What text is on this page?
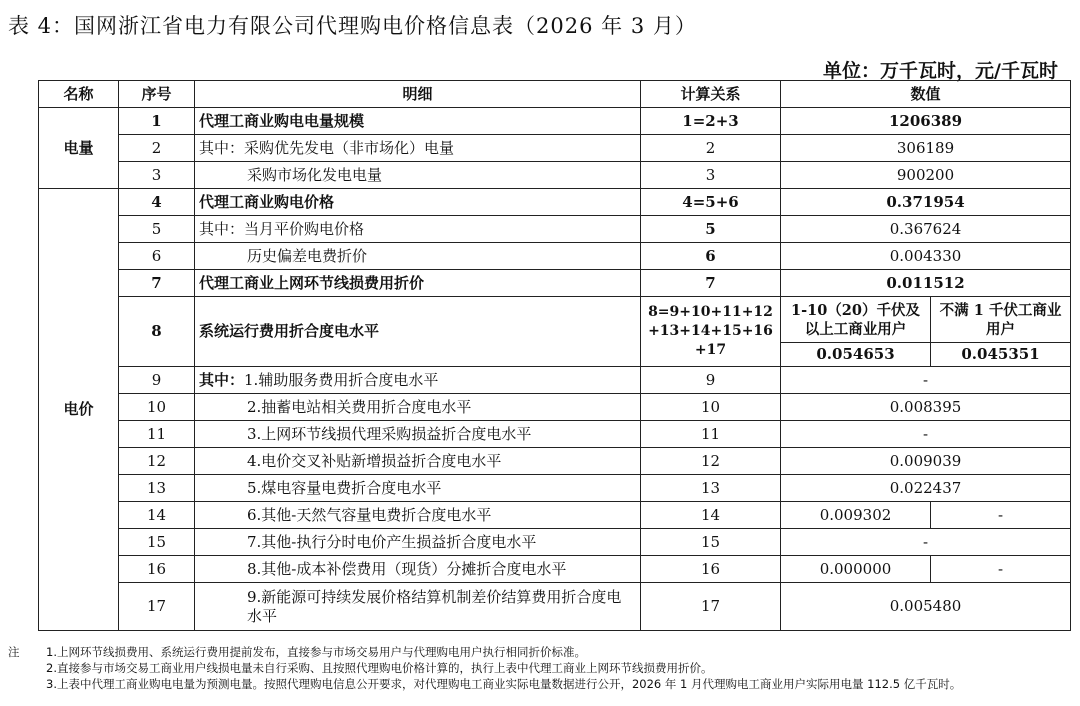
表 4：国网浙江省电力有限公司代理购电价格信息表（2026 年 3 月）
单位：万千瓦时，元/千瓦时
名称	序号	明细	计算关系	数值	
电量	1	代理工商业购电电量规模	1=2+3	1206389	
	2	其中：采购优先发电（非市场化）电量	2	306189	
	3	采购市场化发电电量	3	900200	
电价	4	代理工商业购电价格	4=5+6	0.371954	
	5	其中：当月平价购电价格	5	0.367624	
	6	历史偏差电费折价	6	0.004330	
	7	代理工商业上网环节线损费用折价	7	0.011512	
	8	系统运行费用折合度电水平	8=9+10+11+12+13+14+15+16+17	1-10（20）千伏及以上工商业用户	不满 1 千伏工商业用户
				0.054653	0.045351
	9	其中：1.辅助服务费用折合度电水平	9	-	
	10	2.抽蓄电站相关费用折合度电水平	10	0.008395	
	11	3.上网环节线损代理采购损益折合度电水平	11	-	
	12	4.电价交叉补贴新增损益折合度电水平	12	0.009039	
	13	5.煤电容量电费折合度电水平	13	0.022437	
	14	6.其他-天然气容量电费折合度电水平	14	0.009302	-
	15	7.其他-执行分时电价产生损益折合度电水平	15	-	
	16	8.其他-成本补偿费用（现货）分摊折合度电水平	16	0.000000	-
	17	9.新能源可持续发展价格结算机制差价结算费用折合度电水平	17	0.005480	
注	1.上网环节线损费用、系统运行费用提前发布，直接参与市场交易用户与代理购电用户执行相同折价标准。
2.直接参与市场交易工商业用户线损电量未自行采购、且按照代理购电价格计算的，执行上表中代理工商业上网环节线损费用折价。
3.上表中代理工商业购电电量为预测电量。按照代理购电信息公开要求，对代理购电工商业实际电量数据进行公开，2026 年 1 月代理购电工商业用户实际用电量 112.5 亿千瓦时。
